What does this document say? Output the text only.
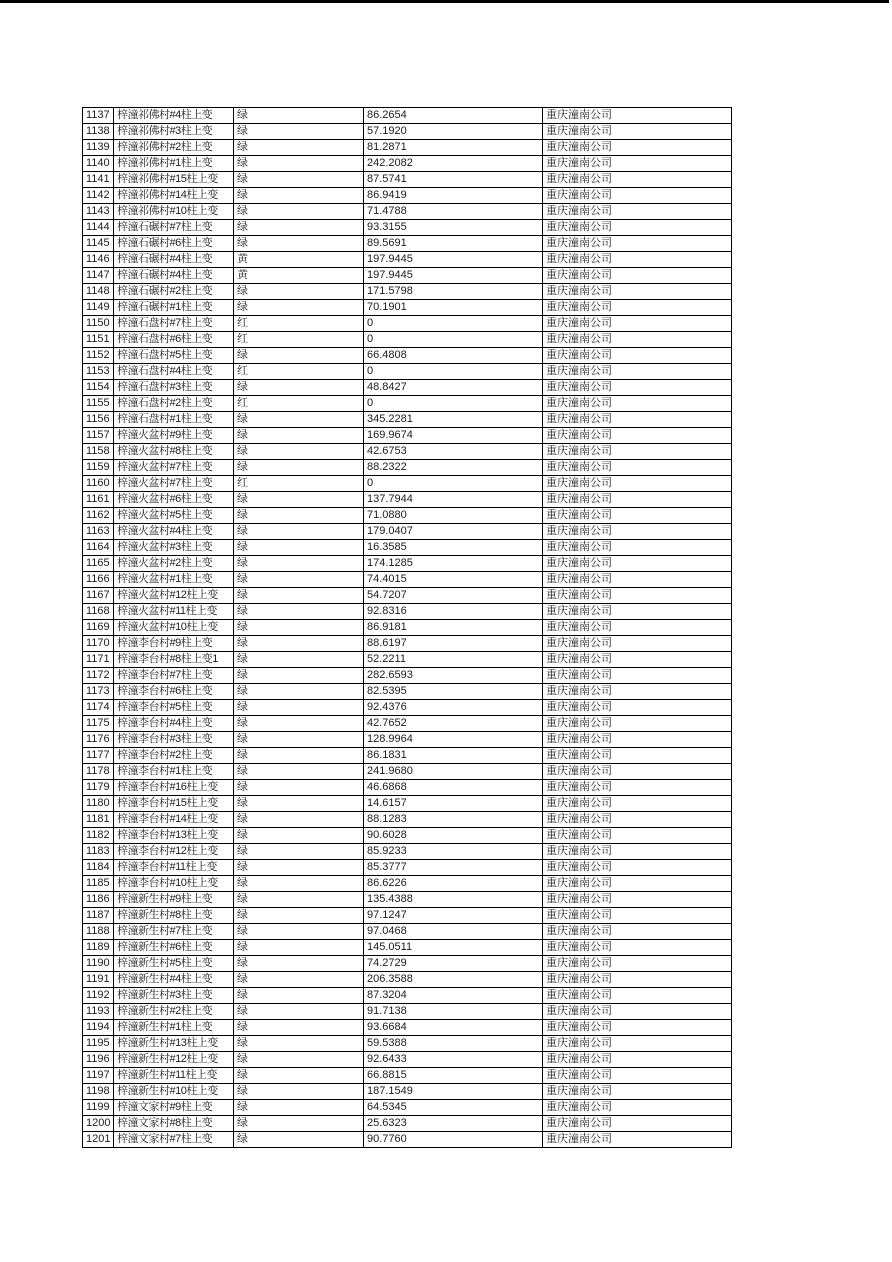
1137	梓潼祁佛村#4柱上变	绿	86.2654	重庆潼南公司
1138	梓潼祁佛村#3柱上变	绿	57.1920	重庆潼南公司
1139	梓潼祁佛村#2柱上变	绿	81.2871	重庆潼南公司
1140	梓潼祁佛村#1柱上变	绿	242.2082	重庆潼南公司
1141	梓潼祁佛村#15柱上变	绿	87.5741	重庆潼南公司
1142	梓潼祁佛村#14柱上变	绿	86.9419	重庆潼南公司
1143	梓潼祁佛村#10柱上变	绿	71.4788	重庆潼南公司
1144	梓潼石碾村#7柱上变	绿	93.3155	重庆潼南公司
1145	梓潼石碾村#6柱上变	绿	89.5691	重庆潼南公司
1146	梓潼石碾村#4柱上变	黄	197.9445	重庆潼南公司
1147	梓潼石碾村#4柱上变	黄	197.9445	重庆潼南公司
1148	梓潼石碾村#2柱上变	绿	171.5798	重庆潼南公司
1149	梓潼石碾村#1柱上变	绿	70.1901	重庆潼南公司
1150	梓潼石盘村#7柱上变	红	0	重庆潼南公司
1151	梓潼石盘村#6柱上变	红	0	重庆潼南公司
1152	梓潼石盘村#5柱上变	绿	66.4808	重庆潼南公司
1153	梓潼石盘村#4柱上变	红	0	重庆潼南公司
1154	梓潼石盘村#3柱上变	绿	48.8427	重庆潼南公司
1155	梓潼石盘村#2柱上变	红	0	重庆潼南公司
1156	梓潼石盘村#1柱上变	绿	345.2281	重庆潼南公司
1157	梓潼火盆村#9柱上变	绿	169.9674	重庆潼南公司
1158	梓潼火盆村#8柱上变	绿	42.6753	重庆潼南公司
1159	梓潼火盆村#7柱上变	绿	88.2322	重庆潼南公司
1160	梓潼火盆村#7柱上变	红	0	重庆潼南公司
1161	梓潼火盆村#6柱上变	绿	137.7944	重庆潼南公司
1162	梓潼火盆村#5柱上变	绿	71.0880	重庆潼南公司
1163	梓潼火盆村#4柱上变	绿	179.0407	重庆潼南公司
1164	梓潼火盆村#3柱上变	绿	16.3585	重庆潼南公司
1165	梓潼火盆村#2柱上变	绿	174.1285	重庆潼南公司
1166	梓潼火盆村#1柱上变	绿	74.4015	重庆潼南公司
1167	梓潼火盆村#12柱上变	绿	54.7207	重庆潼南公司
1168	梓潼火盆村#11柱上变	绿	92.8316	重庆潼南公司
1169	梓潼火盆村#10柱上变	绿	86.9181	重庆潼南公司
1170	梓潼李台村#9柱上变	绿	88.6197	重庆潼南公司
1171	梓潼李台村#8柱上变1	绿	52.2211	重庆潼南公司
1172	梓潼李台村#7柱上变	绿	282.6593	重庆潼南公司
1173	梓潼李台村#6柱上变	绿	82.5395	重庆潼南公司
1174	梓潼李台村#5柱上变	绿	92.4376	重庆潼南公司
1175	梓潼李台村#4柱上变	绿	42.7652	重庆潼南公司
1176	梓潼李台村#3柱上变	绿	128.9964	重庆潼南公司
1177	梓潼李台村#2柱上变	绿	86.1831	重庆潼南公司
1178	梓潼李台村#1柱上变	绿	241.9680	重庆潼南公司
1179	梓潼李台村#16柱上变	绿	46.6868	重庆潼南公司
1180	梓潼李台村#15柱上变	绿	14.6157	重庆潼南公司
1181	梓潼李台村#14柱上变	绿	88.1283	重庆潼南公司
1182	梓潼李台村#13柱上变	绿	90.6028	重庆潼南公司
1183	梓潼李台村#12柱上变	绿	85.9233	重庆潼南公司
1184	梓潼李台村#11柱上变	绿	85.3777	重庆潼南公司
1185	梓潼李台村#10柱上变	绿	86.6226	重庆潼南公司
1186	梓潼新生村#9柱上变	绿	135.4388	重庆潼南公司
1187	梓潼新生村#8柱上变	绿	97.1247	重庆潼南公司
1188	梓潼新生村#7柱上变	绿	97.0468	重庆潼南公司
1189	梓潼新生村#6柱上变	绿	145.0511	重庆潼南公司
1190	梓潼新生村#5柱上变	绿	74.2729	重庆潼南公司
1191	梓潼新生村#4柱上变	绿	206.3588	重庆潼南公司
1192	梓潼新生村#3柱上变	绿	87.3204	重庆潼南公司
1193	梓潼新生村#2柱上变	绿	91.7138	重庆潼南公司
1194	梓潼新生村#1柱上变	绿	93.6684	重庆潼南公司
1195	梓潼新生村#13柱上变	绿	59.5388	重庆潼南公司
1196	梓潼新生村#12柱上变	绿	92.6433	重庆潼南公司
1197	梓潼新生村#11柱上变	绿	66.8815	重庆潼南公司
1198	梓潼新生村#10柱上变	绿	187.1549	重庆潼南公司
1199	梓潼文家村#9柱上变	绿	64.5345	重庆潼南公司
1200	梓潼文家村#8柱上变	绿	25.6323	重庆潼南公司
1201	梓潼文家村#7柱上变	绿	90.7760	重庆潼南公司
